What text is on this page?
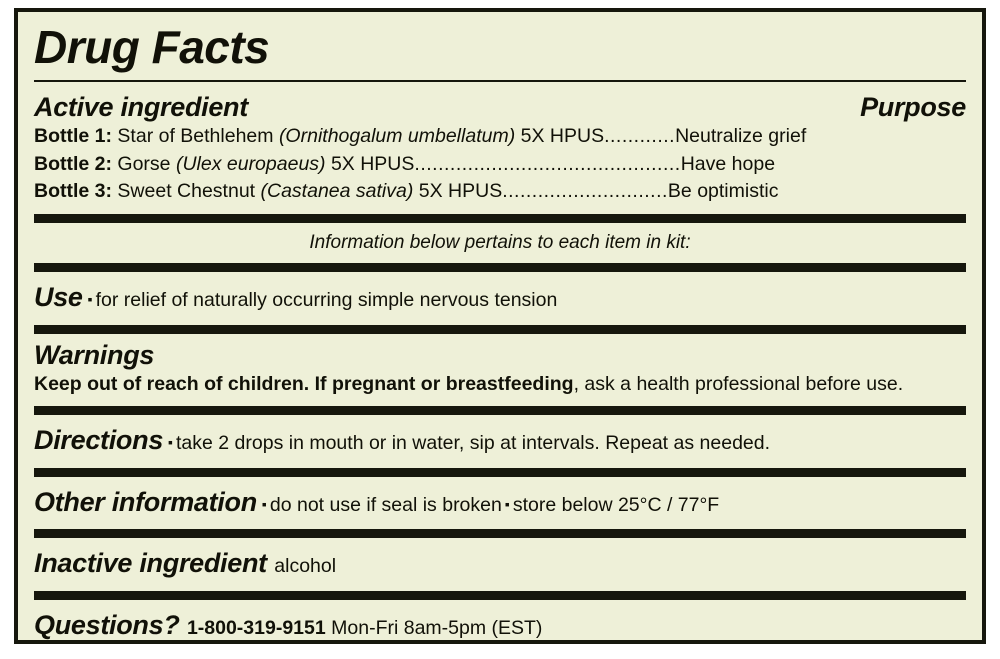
Drug Facts
Active ingredient	Purpose
Bottle 1: Star of Bethlehem (Ornithogalum umbellatum) 5X HPUS............Neutralize grief
Bottle 2: Gorse (Ulex europaeus) 5X HPUS.............................................Have hope
Bottle 3: Sweet Chestnut (Castanea sativa) 5X HPUS............................Be optimistic
Information below pertains to each item in kit:
Use ▪ for relief of naturally occurring simple nervous tension
Warnings
Keep out of reach of children. If pregnant or breastfeeding, ask a health professional before use.
Directions ▪ take 2 drops in mouth or in water, sip at intervals. Repeat as needed.
Other information ▪ do not use if seal is broken ▪ store below 25°C / 77°F
Inactive ingredient alcohol
Questions? 1-800-319-9151 Mon-Fri 8am-5pm (EST)
